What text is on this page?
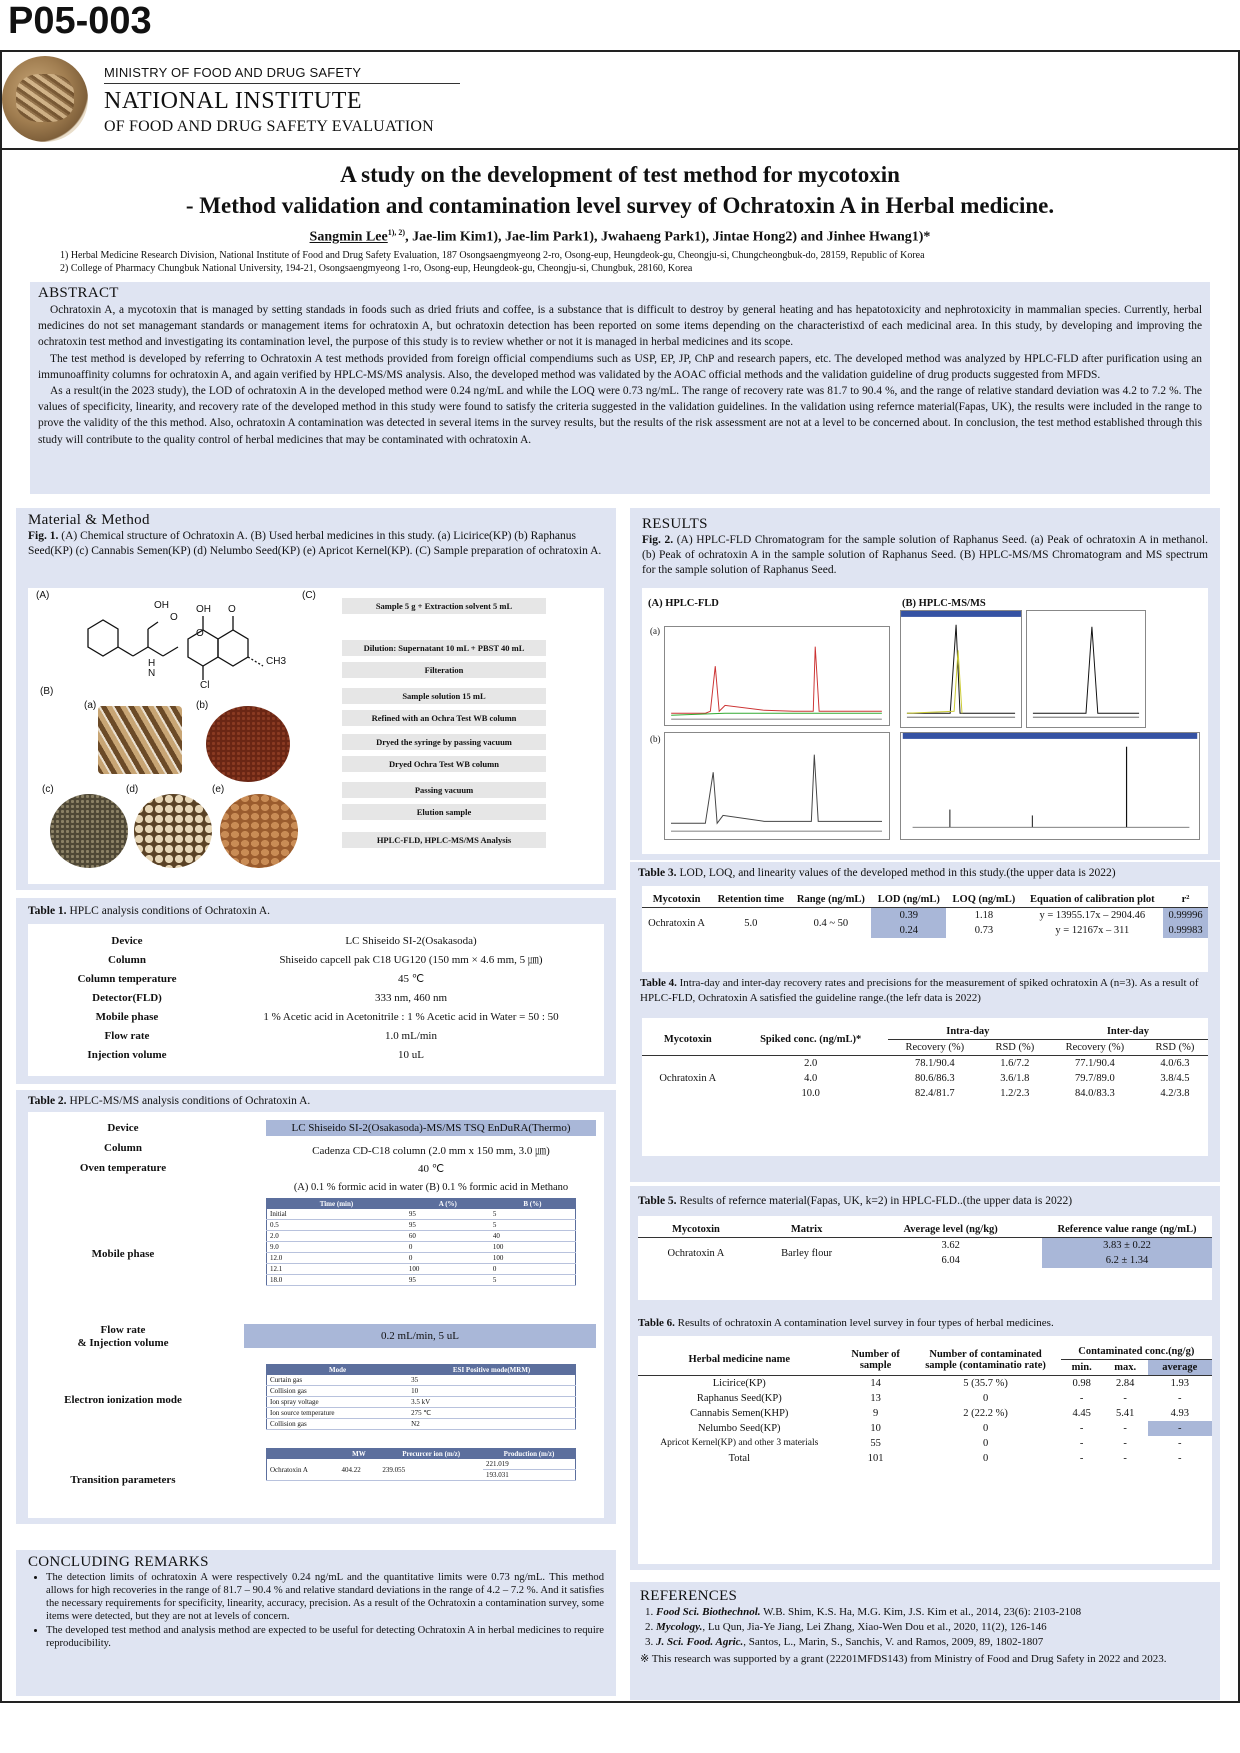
P05-003
MINISTRY OF FOOD AND DRUG SAFETY
NATIONAL INSTITUTE
OF FOOD AND DRUG SAFETY EVALUATION
A study on the development of test method for mycotoxin
- Method validation and contamination level survey of Ochratoxin A in Herbal medicine.
Sangmin Lee$^{1), 2)}$, Jae-lim Kim1), Jae-lim Park1), Jwahaeng Park1), Jintae Hong2) and Jinhee Hwang1)*
1) Herbal Medicine Research Division, National Institute of Food and Drug Safety Evaluation, 187 Osongsaengmyeong 2-ro, Osong-eup, Heungdeok-gu, Cheongju-si, Chungcheongbuk-do, 28159, Republic of Korea
2) College of Pharmacy Chungbuk National University, 194-21, Osongsaengmyeong 1-ro, Osong-eup, Heungdeok-gu, Cheongju-si, Chungbuk, 28160, Korea
ABSTRACT

Ochratoxin A, a mycotoxin that is managed by setting standads in foods such as dried friuts and coffee, is a substance that is difficult to destroy by general heating and has hepatotoxicity and nephrotoxicity in mammalian species. Currently, herbal medicines do not set managemant standards or management items for ochratoxin A, but ochratoxin detection has been reported on some items depending on the characteristixd of each medicinal area. In this study, by developing and improving the ochratoxin test method and investigating its contamination level, the purpose of this study is to review whether or not it is managed in herbal medicines and its scope.

The test method is developed by referring to Ochratoxin A test methods provided from foreign official compendiums such as USP, EP, JP, ChP and research papers, etc. The developed method was analyzed by HPLC-FLD after purification using an immunoaffinity columns for ochratoxin A, and again verified by HPLC-MS/MS analysis. Also, the developed method was validated by the AOAC official methods and the validation guideline of drug products suggested from MFDS.

As a result(in the 2023 study), the LOD of ochratoxin A in the developed method were 0.24 ng/mL and while the LOQ were 0.73 ng/mL. The range of recovery rate was 81.7 to 90.4 %, and the range of relative standard deviation was 4.2 to 7.2 %. The values of specificity, linearity, and recovery rate of the developed method in this study were found to satisfy the criteria suggested in the validation guidelines. In the validation using refernce material(Fapas, UK), the results were included in the range to prove the validity of the this method. Also, ochratoxin A contamination was detected in several items in the survey results, but the results of the risk assessment are not at a level to be concerned about. In conclusion, the test method established through this study will contribute to the quality control of herbal medicines that may be contaminated with ochratoxin A.

Material & Method
Fig. 1. (A) Chemical structure of Ochratoxin A. (B) Used herbal medicines in this study. (a) Licirice(KP) (b) Raphanus Seed(KP) (c) Cannabis Semen(KP) (d) Nelumbo Seed(KP) (e) Apricot Kernel(KP). (C) Sample preparation of ochratoxin A.
(A)
OH
O
OH O
H
N
O
CH3
Cl
(B)
(a)	(b)
(c)	(d)	(e)
(C)
Sample 5 g + Extraction solvent 5 mL
Dilution: Supernatant 10 mL + PBST 40 mL
Filteration
Sample solution 15 mL
Refined with an Ochra Test WB column
Dryed the syringe by passing vacuum
Dryed Ochra Test WB column
Passing vacuum
Elution sample
HPLC-FLD, HPLC-MS/MS Analysis
Table 1. HPLC analysis conditions of Ochratoxin A.
Device	LC Shiseido SI-2(Osakasoda)
Column	Shiseido capcell pak C18 UG120 (150 mm × 4.6 mm, 5 ㎛)
Column temperature	45 ℃
Detector(FLD)	333 nm, 460 nm
Mobile phase	1 % Acetic acid in Acetonitrile : 1 % Acetic acid in Water = 50 : 50
Flow rate	1.0 mL/min
Injection volume	10 uL
Table 2. HPLC-MS/MS analysis conditions of Ochratoxin A.
Device	LC Shiseido SI-2(Osakasoda)-MS/MS TSQ EnDuRA(Thermo)
Column	Cadenza CD-C18 column (2.0 mm x 150 mm, 3.0 ㎛)
Oven temperature	40 ℃
(A) 0.1 % formic acid in water (B) 0.1 % formic acid in Methano
Mobile phase
Time (min)	A (%)	B (%)
Initial	95	5
0.5	95	5
2.0	60	40
9.0	0	100
12.0	0	100
12.1	100	0
18.0	95	5
Flow rate
& Injection volume
0.2 mL/min, 5 uL
Electron ionization mode
Mode	ESI Positive mode(MRM)
Curtain gas	35
Collision gas	10
Ion spray voltage	3.5 kV
Ion source temperature	275 ℃
Collision gas	N2
Transition parameters
	MW	Precurcer ion (m/z)	Production (m/z)
Ochratoxin A	404.22	239.055	221.019
			193.031
CONCLUDING REMARKS
• The detection limits of ochratoxin A were respectively 0.24 ng/mL and the quantitative limits were 0.73 ng/mL. This method allows for high recoveries in the range of 81.7 – 90.4 % and relative standard deviations in the range of 4.2 – 7.2 %. And it satisfies the necessary requirements for specificity, linearity, accuracy, precision. As a result of the Ochratoxin a contamination survey, some items were detected, but they are not at levels of concern.
• The developed test method and analysis method are expected to be useful for detecting Ochratoxin A in herbal medicines to require reproducibility.
RESULTS
Fig. 2. (A) HPLC-FLD Chromatogram for the sample solution of Raphanus Seed. (a) Peak of ochratoxin A in methanol. (b) Peak of ochratoxin A in the sample solution of Raphanus Seed. (B) HPLC-MS/MS Chromatogram and MS spectrum for the sample solution of Raphanus Seed.
(A) HPLC-FLD	(B) HPLC-MS/MS
(a)
(b)
Table 3. LOD, LOQ, and linearity values of the developed method in this study.(the upper data is 2022)
Mycotoxin	Retention time	Range (ng/mL)	LOD (ng/mL)	LOQ (ng/mL)	Equation of calibration plot	r²
Ochratoxin A	5.0	0.4 ~ 50	0.39	1.18	y = 13955.17x – 2904.46	0.99996
			0.24	0.73	y = 12167x – 311	0.99983
Table 4. Intra-day and inter-day recovery rates and precisions for the measurement of spiked ochratoxin A (n=3). As a result of HPLC-FLD, Ochratoxin A satisfied the guideline range.(the lefr data is 2022)
Mycotoxin	Spiked conc. (ng/mL)*	Intra-day		Inter-day	
		Recovery (%)	RSD (%)	Recovery (%)	RSD (%)
Ochratoxin A	2.0	78.1/90.4	1.6/7.2	77.1/90.4	4.0/6.3
	4.0	80.6/86.3	3.6/1.8	79.7/89.0	3.8/4.5
	10.0	82.4/81.7	1.2/2.3	84.0/83.3	4.2/3.8
Table 5. Results of refernce material(Fapas, UK, k=2) in HPLC-FLD..(the upper data is 2022)
Mycotoxin	Matrix	Average level (ng/kg)	Reference value range (ng/mL)
Ochratoxin A	Barley flour	3.62	3.83 ± 0.22
		6.04	6.2 ± 1.34
Table 6. Results of ochratoxin A contamination level survey in four types of herbal medicines.
Herbal medicine name	Number of sample	Number of contaminated sample (contaminatio rate)	Contaminated conc.(ng/g)		
			min.	max.	average
Licirice(KP)	14	5 (35.7 %)	0.98	2.84	1.93
Raphanus Seed(KP)	13	0	-	-	-
Cannabis Semen(KHP)	9	2 (22.2 %)	4.45	5.41	4.93
Nelumbo Seed(KP)	10	0	-	-	-
Apricot Kernel(KP) and other 3 materials	55	0	-	-	-
Total	101	0	-	-	-
REFERENCES
1. Food Sci. Biothechnol. W.B. Shim, K.S. Ha, M.G. Kim, J.S. Kim et al., 2014, 23(6): 2103-2108
2. Mycology., Lu Qun, Jia-Ye Jiang, Lei Zhang, Xiao-Wen Dou et al., 2020, 11(2), 126-146
3. J. Sci. Food. Agric., Santos, L., Marin, S., Sanchis, V. and Ramos, 2009, 89, 1802-1807
※ This research was supported by a grant (22201MFDS143) from Ministry of Food and Drug Safety in 2022 and 2023.
